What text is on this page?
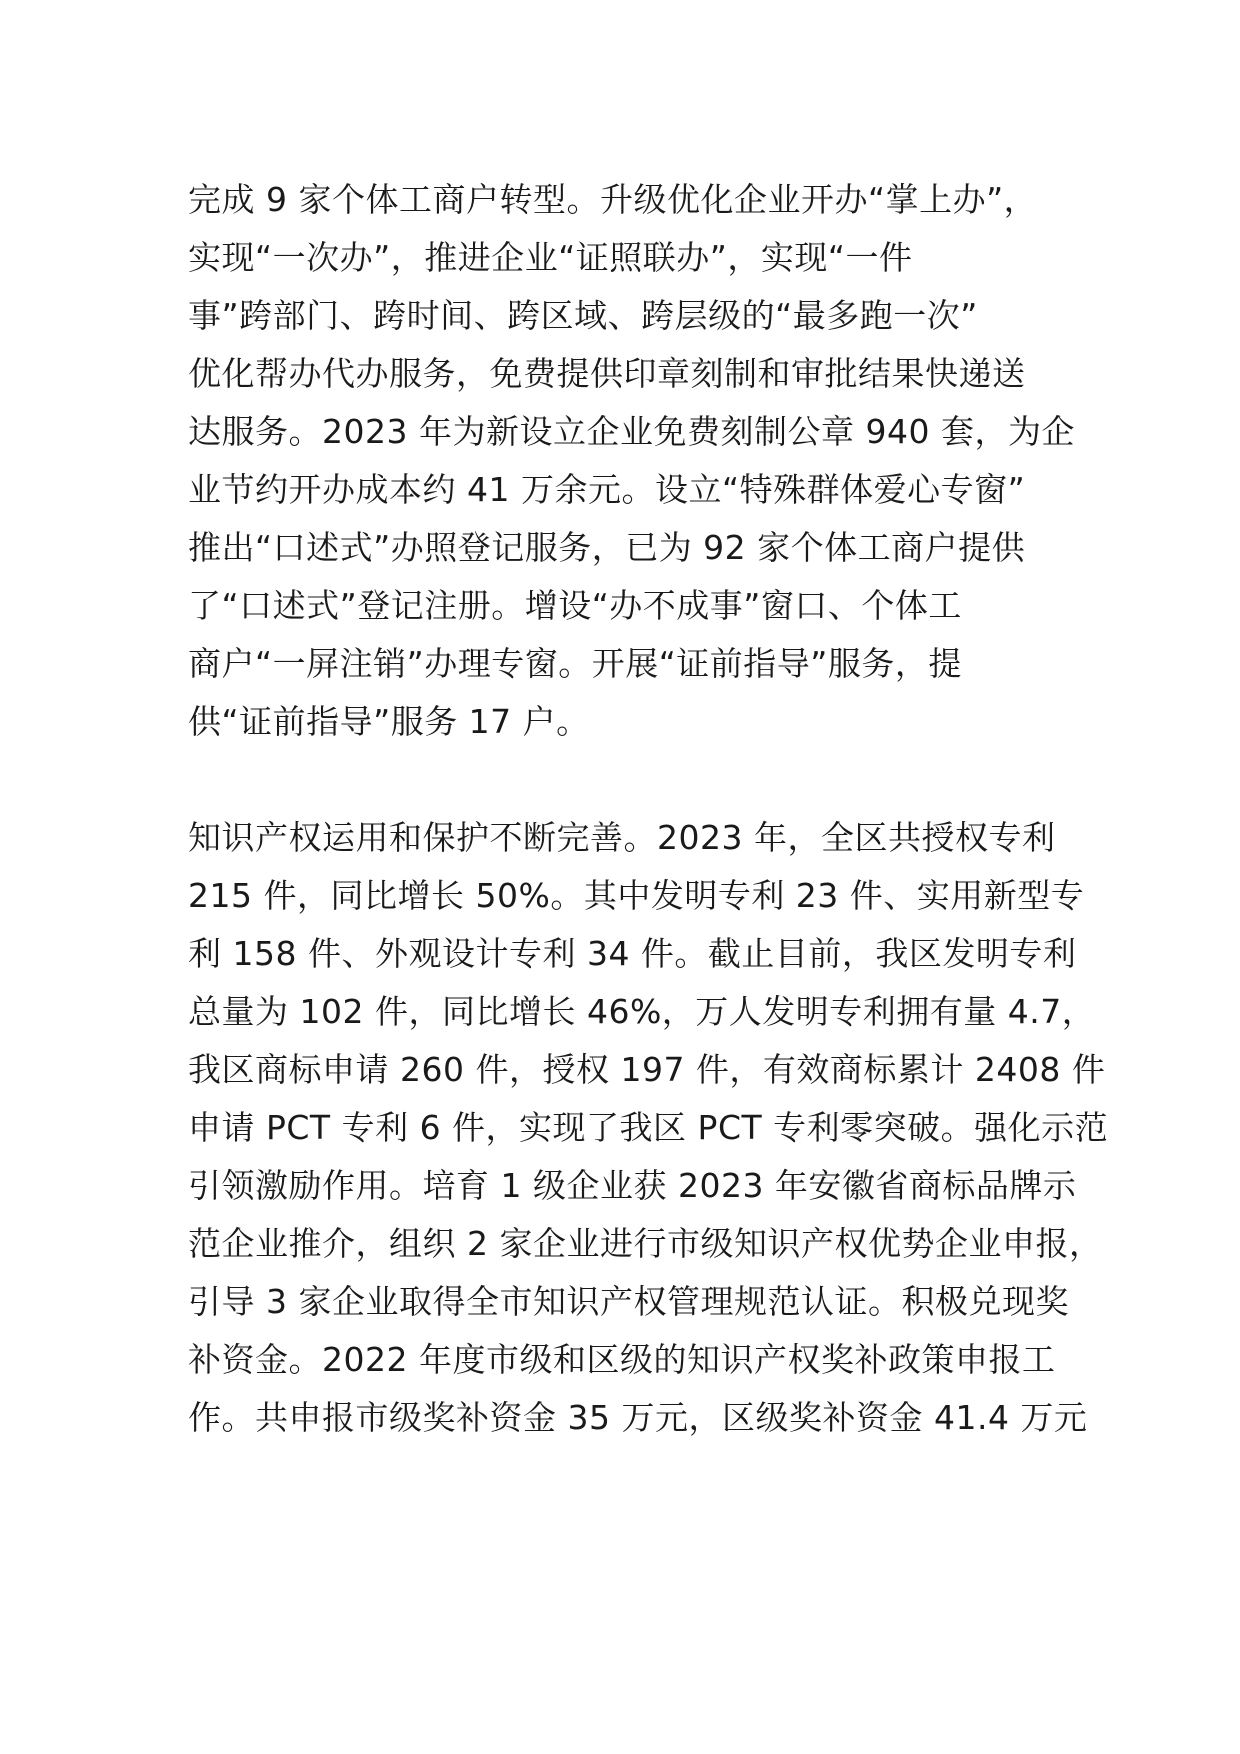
完成 9 家个体工商户转型。升级优化企业开办“掌上办”，

实现“一次办”，推进企业“证照联办”，实现“一件

事”跨部门、跨时间、跨区域、跨层级的“最多跑一次”

优化帮办代办服务，免费提供印章刻制和审批结果快递送

达服务。2023 年为新设立企业免费刻制公章 940 套，为企

业节约开办成本约 41 万余元。设立“特殊群体爱心专窗”

推出“口述式”办照登记服务，已为 92 家个体工商户提供

了“口述式”登记注册。增设“办不成事”窗口、个体工

商户“一屏注销”办理专窗。开展“证前指导”服务，提

供“证前指导”服务 17 户。

知识产权运用和保护不断完善。2023 年，全区共授权专利

215 件，同比增长 50%。其中发明专利 23 件、实用新型专

利 158 件、外观设计专利 34 件。截止目前，我区发明专利

总量为 102 件，同比增长 46%，万人发明专利拥有量 4.7，

我区商标申请 260 件，授权 197 件，有效商标累计 2408 件

申请 PCT 专利 6 件，实现了我区 PCT 专利零突破。强化示范

引领激励作用。培育 1 级企业获 2023 年安徽省商标品牌示

范企业推介，组织 2 家企业进行市级知识产权优势企业申报，

引导 3 家企业取得全市知识产权管理规范认证。积极兑现奖

补资金。2022 年度市级和区级的知识产权奖补政策申报工

作。共申报市级奖补资金 35 万元，区级奖补资金 41.4 万元
